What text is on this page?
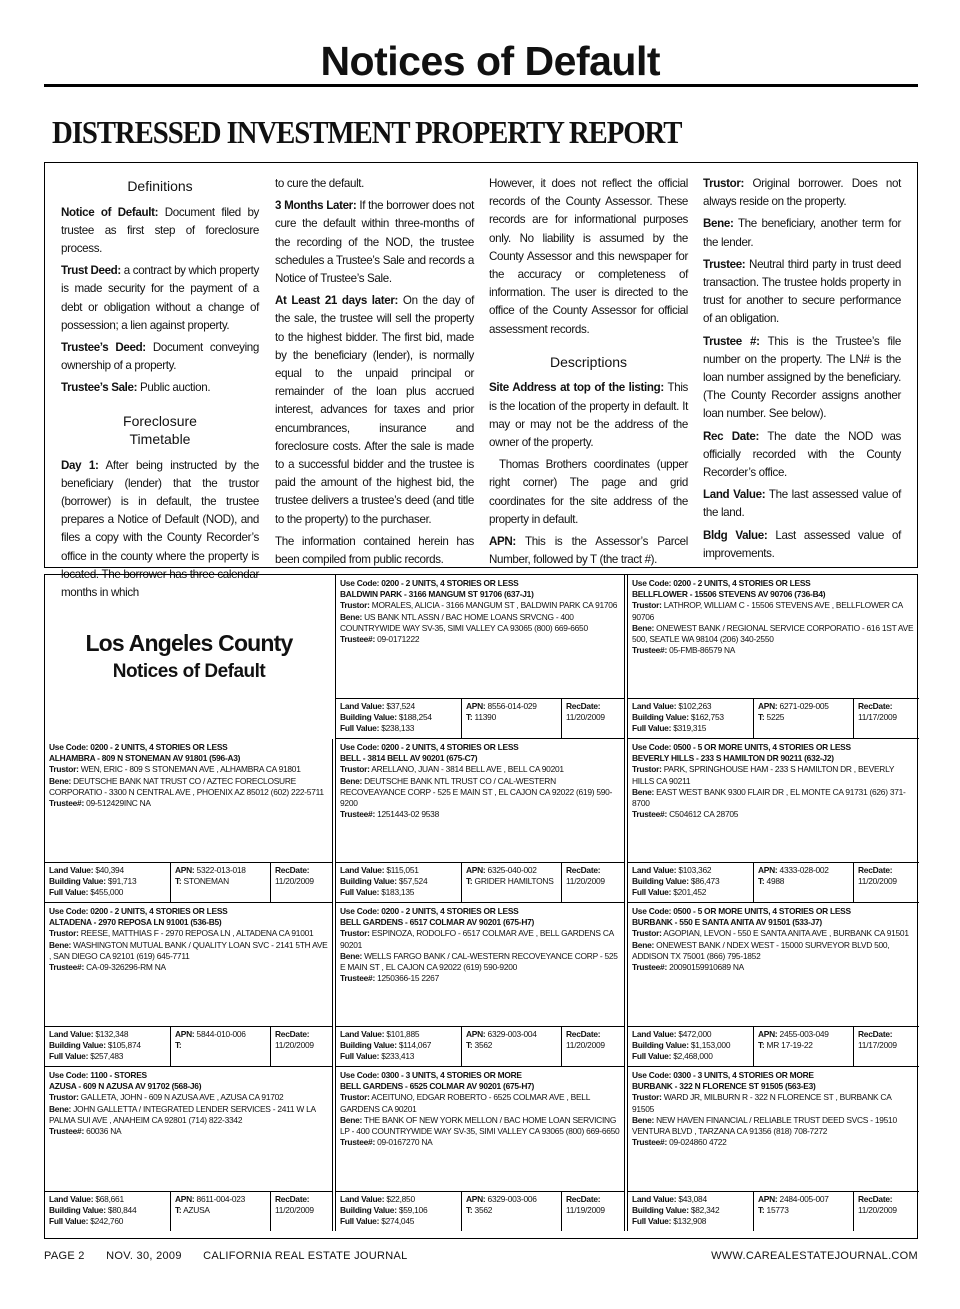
Notices of Default
DISTRESSED INVESTMENT PROPERTY REPORT
Definitions

Notice of Default: Document filed by trustee as first step of foreclosure process.

Trust Deed: a contract by which property is made security for the payment of a debt or obligation without a change of possession; a lien against property.

Trustee’s Deed: Document conveying ownership of a property.

Trustee’s Sale: Public auction.

Foreclosure
Timetable

Day 1: After being instructed by the beneficiary (lender) that the trustor (borrower) is in default, the trustee prepares a Notice of Default (NOD), and files a copy with the County Recorder’s office in the county where the property is located. The borrower has three calendar months in which

to cure the default.

3 Months Later: If the borrower does not cure the default within three-months of the recording of the NOD, the trustee schedules a Trustee’s Sale and records a Notice of Trustee’s Sale.

At Least 21 days later: On the day of the sale, the trustee will sell the property to the highest bidder. The first bid, made by the beneficiary (lender), is normally equal to the unpaid principal or remainder of the loan plus accrued interest, advances for taxes and prior encumbrances, insurance and foreclosure costs. After the sale is made to a successful bidder and the trustee is paid the amount of the highest bid, the trustee delivers a trustee’s deed (and title to the property) to the purchaser.

The information contained herein has been compiled from public records.

However, it does not reflect the official records of the County Assessor. These records are for informational purposes only. No liability is assumed by the County Assessor and this newspaper for the accuracy or completeness of information. The user is directed to the office of the County Assessor for official assessment records.

Descriptions

Site Address at top of the listing: This is the location of the property in default. It may or may not be the address of the owner of the property.

Thomas Brothers coordinates (upper right corner) The page and grid coordinates for the site address of the property in default.

APN: This is the Assessor’s Parcel Number, followed by T (the tract #).

Trustor: Original borrower. Does not always reside on the property.

Bene: The beneficiary, another term for the lender.

Trustee: Neutral third party in trust deed transaction. The trustee holds property in trust for another to secure performance of an obligation.

Trustee #: This is the Trustee’s file number on the property. The LN# is the loan number assigned by the beneficiary. (The County Recorder assigns another loan number. See below).

Rec Date: The date the NOD was officially recorded with the County Recorder’s office.

Land Value: The last assessed value of the land.

Bldg Value: Last assessed value of improvements.

Los Angeles County
Notices of Default
Use Code: 0200 - 2 UNITS, 4 STORIES OR LESS
BALDWIN PARK - 3166 MANGUM ST 91706 (637-J1)
Trustor: MORALES, ALICIA - 3166 MANGUM ST , BALDWIN PARK CA 91706
Bene: US BANK NTL ASSN / BAC HOME LOANS SRVCNG - 400 COUNTRYWIDE WAY SV-35, SIMI VALLEY CA 93065 (800) 669-6650
Trustee#: 09-0171222
Land Value: $37,524
Building Value: $188,254
Full Value: $238,133
APN: 8556-014-029
T: 11390
RecDate:
11/20/2009
Use Code: 0200 - 2 UNITS, 4 STORIES OR LESS
BELLFLOWER - 15506 STEVENS AV 90706 (736-B4)
Trustor: LATHROP, WILLIAM C - 15506 STEVENS AVE , BELLFLOWER CA 90706
Bene: ONEWEST BANK / REGIONAL SERVICE CORPORATIO - 616 1ST AVE 500, SEATLE WA 98104 (206) 340-2550
Trustee#: 05-FMB-86579 NA
Land Value: $102,263
Building Value: $162,753
Full Value: $319,315
APN: 6271-029-005
T: 5225
RecDate:
11/17/2009
Use Code: 0200 - 2 UNITS, 4 STORIES OR LESS
ALHAMBRA - 809 N STONEMAN AV 91801 (596-A3)
Trustor: WEN, ERIC - 809 S STONEMAN AVE , ALHAMBRA CA 91801
Bene: DEUTSCHE BANK NAT TRUST CO / AZTEC FORECLOSURE CORPORATIO - 3300 N CENTRAL AVE , PHOENIX AZ 85012 (602) 222-5711
Trustee#: 09-512429INC NA
Land Value: $40,394
Building Value: $91,713
Full Value: $455,000
APN: 5322-013-018
T: STONEMAN
RecDate:
11/20/2009
Use Code: 0200 - 2 UNITS, 4 STORIES OR LESS
BELL - 3814 BELL AV 90201 (675-C7)
Trustor: ARELLANO, JUAN - 3814 BELL AVE , BELL CA 90201
Bene: DEUTSCHE BANK NTL TRUST CO / CAL-WESTERN RECOVEAYANCE CORP - 525 E MAIN ST , EL CAJON CA 92022 (619) 590-9200
Trustee#: 1251443-02 9538
Land Value: $115,051
Building Value: $57,524
Full Value: $183,135
APN: 6325-040-002
T: GRIDER HAMILTONS
RecDate:
11/20/2009
Use Code: 0500 - 5 OR MORE UNITS, 4 STORIES OR LESS
BEVERLY HILLS - 233 S HAMILTON DR 90211 (632-J2)
Trustor: PARK, SPRINGHOUSE HAM - 233 S HAMILTON DR , BEVERLY HILLS CA 90211
Bene: EAST WEST BANK 9300 FLAIR DR , EL MONTE CA 91731 (626) 371-8700
Trustee#: C504612 CA 28705
Land Value: $103,362
Building Value: $86,473
Full Value: $201,452
APN: 4333-028-002
T: 4988
RecDate:
11/20/2009
Use Code: 0200 - 2 UNITS, 4 STORIES OR LESS
ALTADENA - 2970 REPOSA LN 91001 (536-B5)
Trustor: REESE, MATTHIAS F - 2970 REPOSA LN , ALTADENA CA 91001
Bene: WASHINGTON MUTUAL BANK / QUALITY LOAN SVC - 2141 5TH AVE , SAN DIEGO CA 92101 (619) 645-7711
Trustee#: CA-09-326296-RM NA
Land Value: $132,348
Building Value: $105,874
Full Value: $257,483
APN: 5844-010-006
T:
RecDate:
11/20/2009
Use Code: 0200 - 2 UNITS, 4 STORIES OR LESS
BELL GARDENS - 6517 COLMAR AV 90201 (675-H7)
Trustor: ESPINOZA, RODOLFO - 6517 COLMAR AVE , BELL GARDENS CA 90201
Bene: WELLS FARGO BANK / CAL-WESTERN RECOVEYANCE CORP - 525 E MAIN ST , EL CAJON CA 92022 (619) 590-9200
Trustee#: 1250366-15 2267
Land Value: $101,885
Building Value: $114,067
Full Value: $233,413
APN: 6329-003-004
T: 3562
RecDate:
11/20/2009
Use Code: 0500 - 5 OR MORE UNITS, 4 STORIES OR LESS
BURBANK - 550 E SANTA ANITA AV 91501 (533-J7)
Trustor: AGOPIAN, LEVON - 550 E SANTA ANITA AVE , BURBANK CA 91501
Bene: ONEWEST BANK / NDEX WEST - 15000 SURVEYOR BLVD 500, ADDISON TX 75001 (866) 795-1852
Trustee#: 20090159910689 NA
Land Value: $472,000
Building Value: $1,153,000
Full Value: $2,468,000
APN: 2455-003-049
T: MR 17-19-22
RecDate:
11/17/2009
Use Code: 1100 - STORES
AZUSA - 609 N AZUSA AV 91702 (568-J6)
Trustor: GALLETA, JOHN - 609 N AZUSA AVE , AZUSA CA 91702
Bene: JOHN GALLETTA / INTEGRATED LENDER SERVICES - 2411 W LA PALMA SUI AVE , ANAHEIM CA 92801 (714) 822-3342
Trustee#: 60036 NA
Land Value: $68,661
Building Value: $80,844
Full Value: $242,760
APN: 8611-004-023
T: AZUSA
RecDate:
11/20/2009
Use Code: 0300 - 3 UNITS, 4 STORIES OR MORE
BELL GARDENS - 6525 COLMAR AV 90201 (675-H7)
Trustor: ACEITUNO, EDGAR ROBERTO - 6525 COLMAR AVE , BELL GARDENS CA 90201
Bene: THE BANK OF NEW YORK MELLON / BAC HOME LOAN SERVICING LP - 400 COUNTRYWIDE WAY SV-35, SIMI VALLEY CA 93065 (800) 669-6650
Trustee#: 09-0167270 NA
Land Value: $22,850
Building Value: $59,106
Full Value: $274,045
APN: 6329-003-006
T: 3562
RecDate:
11/19/2009
Use Code: 0300 - 3 UNITS, 4 STORIES OR MORE
BURBANK - 322 N FLORENCE ST 91505 (563-E3)
Trustor: WARD JR, MILBURN R - 322 N FLORENCE ST , BURBANK CA 91505
Bene: NEW HAVEN FINANCIAL / RELIABLE TRUST DEED SVCS - 19510 VENTURA BLVD , TARZANA CA 91356 (818) 708-7272
Trustee#: 09-024860 4722
Land Value: $43,084
Building Value: $82,342
Full Value: $132,908
APN: 2484-005-007
T: 15773
RecDate:
11/20/2009
PAGE 2 NOV. 30, 2009 CALIFORNIA REAL ESTATE JOURNAL	WWW.CAREALESTATEJOURNAL.COM
